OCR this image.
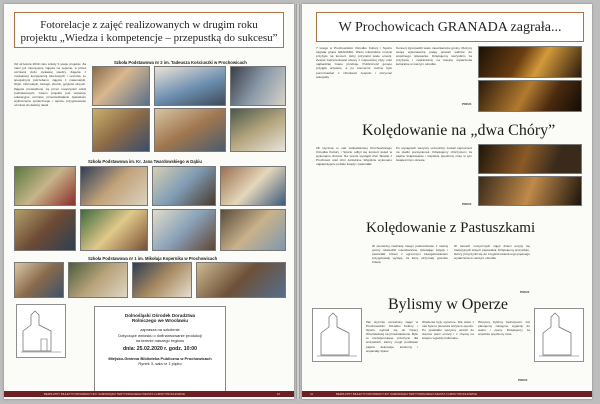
Fotorelacje z zajęć realizowanych w drugim roku
projektu „Wiedza i kompetencje – przepustką do sukcesu”
Od września 2019 roku szkoły II etapu projektu. Za nami już intensywne zajęcia na sejsmie, a przed uczniami dużo ciekawej wiedzy. Zajęcia z modułowej kompetencji kluczowych i uczniów ze specjalnymi potrzebami, zajęcia z matematyki, fizyki, informatyki, biologii, chemii, języków obcych. Zajęcia prowadzone są przez nauczycieli szkół podstawowych. Celem projektu jest wsparcie edukacyjne uczniów, przeciwdziałanie zjawiskom wykluczenia społecznego i lepsze przygotowanie uczniów do dalszej nauki.
Szkoła Podstawowa nr 2 im. Tadeusza Kościuszki w Prochowicach
Szkoła Podstawowa im. Kr. Jana Twardowskiego w Dąbiu
Szkoła Podstawowa nr 1 im. Mikołaja Kopernika w Prochowicach
Dolnośląski Ośrodek Doradztwa
Rolniczego we Wrocławiu
zaprasza na szkolenie
Dotyczące wniosku o dofinansowanie produkcji
na terenie naszego regionu
dnia: 25.02.2020 r. godz. 10:00
Miejsko-Gminna Biblioteka Publiczna w Prochowicach
Rynek 3, sala nr 1 piętro
BEZPŁATNY BIULETYN INFORMACYJNY SAMORZĄDU TERYTORIALNEGO MIASTA I GMINY PROCHOWICE	16
W Prochowicach GRANADA zagrała...
7 lutego w Prochowickim Ośrodku Kultury i Sportu zagrała grupa GRANADA. Wielu miłośników muzyki przybyło na koncert, który przyniósł wiele emocji. Zespół zaprezentował utwory z najnowszej płyty oraz najbardziej znane przeboje. Publiczność gorąco przyjęła artystów, a po koncercie można było porozmawiać z członkami zespołu i otrzymać autografy.
Koncert zgromadził wielu mieszkańców gminy. Muzycy swoją wykonawczą pasją porwali widzów do wspólnego śpiewania. Dziękujemy wszystkim za przybycie i zapraszamy na kolejne wydarzenia kulturalne w naszym ośrodku.
POKiS
Kolędowanie na „dwa Chóry”
28 stycznia w sali widowiskowej Prochowickiego Ośrodka Kultury i Sportu odbył się koncert kolęd w wykonaniu chórów. Na scenie wystąpił chór Słowiki z Prochowic oraz chór Jarzębina. Wspólnie wykonano najpiękniejsze polskie kolędy i pastorałki.
Po występach wszyscy uczestnicy zostali zaproszeni na słodki poczęstunek. Dziękujemy chórzystom za piękne kolędowanie i wspólnie spędzony czas w tym świątecznym okresie.
POKiS
Kolędowanie z Pastuszkami
W pierwszej niedzielę lutego pastuszkowie z naszej gminy odwiedzili mieszkańców, śpiewając kolędy i pastorałki. Dzieci z ogromnym zaangażowaniem przygotowały występ, za który otrzymały gromkie brawa.
W ramach muzycznych zajęć dzieci uczyły się tradycyjnych kolęd i pastorałek. Dziękujemy wszystkim, którzy przyczynili się do zorganizowania tego pięknego wydarzenia w naszym ośrodku.
POKiS
Bylismy w Operze
Tak styczniu uczestnicy zajęć w Prochowickim Ośrodku Kultury i Sportu wybrali się do Opery Wrocławskiej na przedstawienie. Było to niezapomniane przeżycie dla wszystkich, którzy mogli podziwiać piękne dekoracje, kostiumy i wspaniały śpiew.
Wrażenia były ogromne. Dla wielu z nas była to pierwsza wizyta w operze. Po spektaklu wszyscy wrócili do domów pełni emocji i z chęcią na kolejne wyjazdy kulturalne.
Wszyscy byliśmy zachwyceni. Już planujemy następne wyjazdy do teatru i opery. Dziękujemy za wspólnie spędzony czas.
POKiS
41	BEZPŁATNY BIULETYN INFORMACYJNY SAMORZĄDU TERYTORIALNEGO MIASTA I GMINY PROCHOWICE
